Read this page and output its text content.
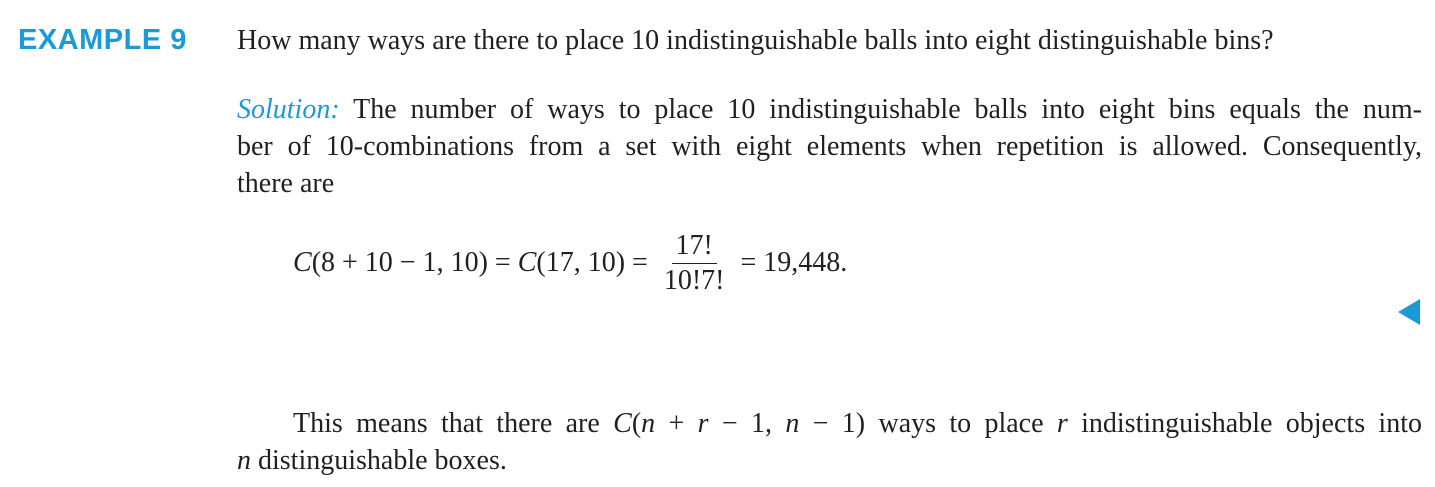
EXAMPLE 9 How many ways are there to place 10 indistinguishable balls into eight distinguishable bins?
Solution: The number of ways to place 10 indistinguishable balls into eight bins equals the num-
ber of 10-combinations from a set with eight elements when repetition is allowed. Consequently,
there are
C (8 + 10 − 1, 10) = C (17, $10) = \frac{17!}{10!7!} = 19,448$.
This means that there are C(n + r − 1, n − 1) ways to place r indistinguishable objects into
n distinguishable boxes.
